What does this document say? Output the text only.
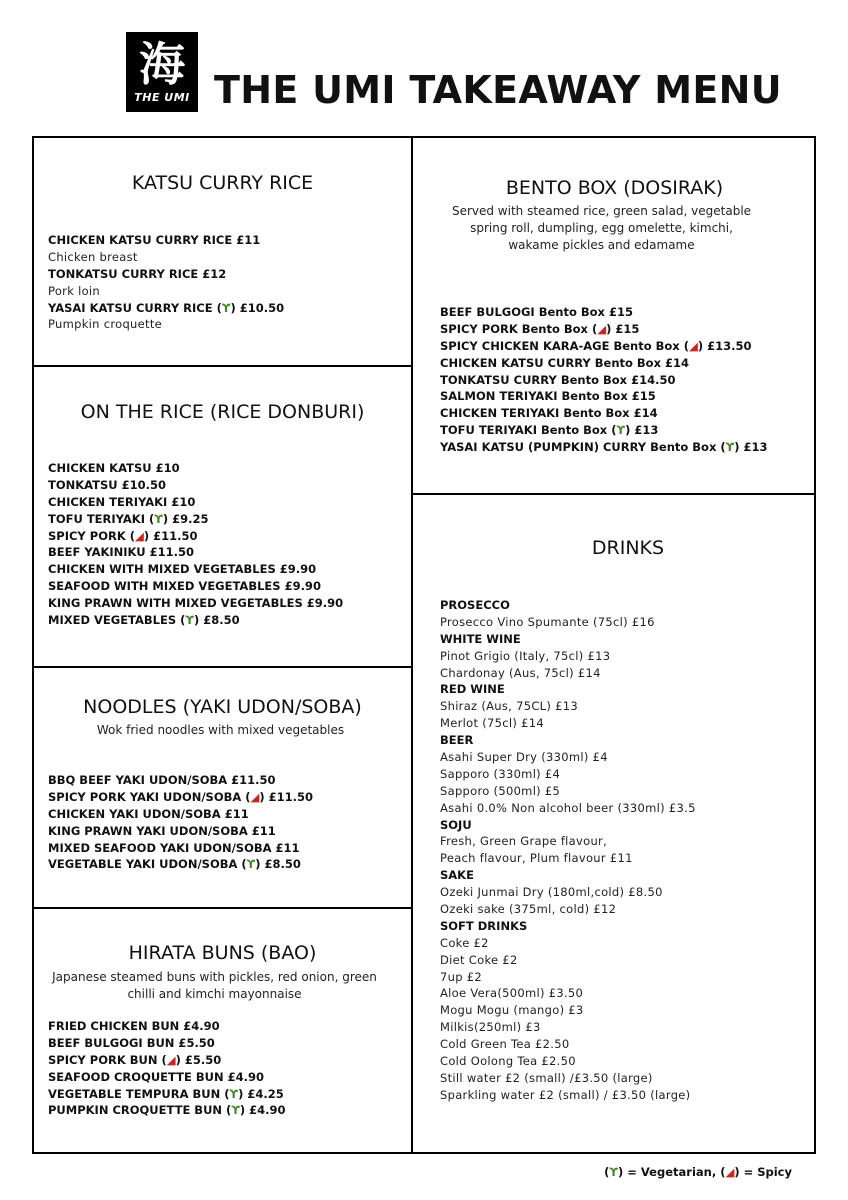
海
THE UMI THE UMI TAKEAWAY MENU
KATSU CURRY RICE
CHICKEN KATSU CURRY RICE £11
Chicken breast
TONKATSU CURRY RICE £12
Pork loin
YASAI KATSU CURRY RICE (ϒ) £10.50
Pumpkin croquette
ON THE RICE (RICE DONBURI)
CHICKEN KATSU £10
TONKATSU £10.50
CHICKEN TERIYAKI £10
TOFU TERIYAKI (ϒ) £9.25
SPICY PORK (◢) £11.50
BEEF YAKINIKU £11.50
CHICKEN WITH MIXED VEGETABLES £9.90
SEAFOOD WITH MIXED VEGETABLES £9.90
KING PRAWN WITH MIXED VEGETABLES £9.90
MIXED VEGETABLES (ϒ) £8.50
NOODLES (YAKI UDON/SOBA)
Wok fried noodles with mixed vegetables
BBQ BEEF YAKI UDON/SOBA £11.50
SPICY PORK YAKI UDON/SOBA (◢) £11.50
CHICKEN YAKI UDON/SOBA £11
KING PRAWN YAKI UDON/SOBA £11
MIXED SEAFOOD YAKI UDON/SOBA £11
VEGETABLE YAKI UDON/SOBA (ϒ) £8.50
HIRATA BUNS (BAO)
Japanese steamed buns with pickles, red onion, green chilli and kimchi mayonnaise
FRIED CHICKEN BUN £4.90
BEEF BULGOGI BUN £5.50
SPICY PORK BUN (◢) £5.50
SEAFOOD CROQUETTE BUN £4.90
VEGETABLE TEMPURA BUN (ϒ) £4.25
PUMPKIN CROQUETTE BUN (ϒ) £4.90
BENTO BOX (DOSIRAK)
Served with steamed rice, green salad, vegetable spring roll, dumpling, egg omelette, kimchi, wakame pickles and edamame
BEEF BULGOGI Bento Box £15
SPICY PORK Bento Box (◢) £15
SPICY CHICKEN KARA-AGE Bento Box (◢) £13.50
CHICKEN KATSU CURRY Bento Box £14
TONKATSU CURRY Bento Box £14.50
SALMON TERIYAKI Bento Box £15
CHICKEN TERIYAKI Bento Box £14
TOFU TERIYAKI Bento Box (ϒ) £13
YASAI KATSU (PUMPKIN) CURRY Bento Box (ϒ) £13
DRINKS
PROSECCO
Prosecco Vino Spumante (75cl) £16
WHITE WINE
Pinot Grigio (Italy, 75cl) £13
Chardonay (Aus, 75cl) £14
RED WINE
Shiraz (Aus, 75CL) £13
Merlot (75cl) £14
BEER
Asahi Super Dry (330ml) £4
Sapporo (330ml) £4
Sapporo (500ml) £5
Asahi 0.0% Non alcohol beer (330ml) £3.5
SOJU
Fresh, Green Grape flavour,
Peach flavour, Plum flavour £11
SAKE
Ozeki Junmai Dry (180ml,cold) £8.50
Ozeki sake (375ml, cold) £12
SOFT DRINKS
Coke £2
Diet Coke £2
7up £2
Aloe Vera(500ml) £3.50
Mogu Mogu (mango) £3
Milkis(250ml) £3
Cold Green Tea £2.50
Cold Oolong Tea £2.50
Still water £2 (small) /£3.50 (large)
Sparkling water £2 (small) / £3.50 (large)
(ϒ) = Vegetarian, (◢) = Spicy
